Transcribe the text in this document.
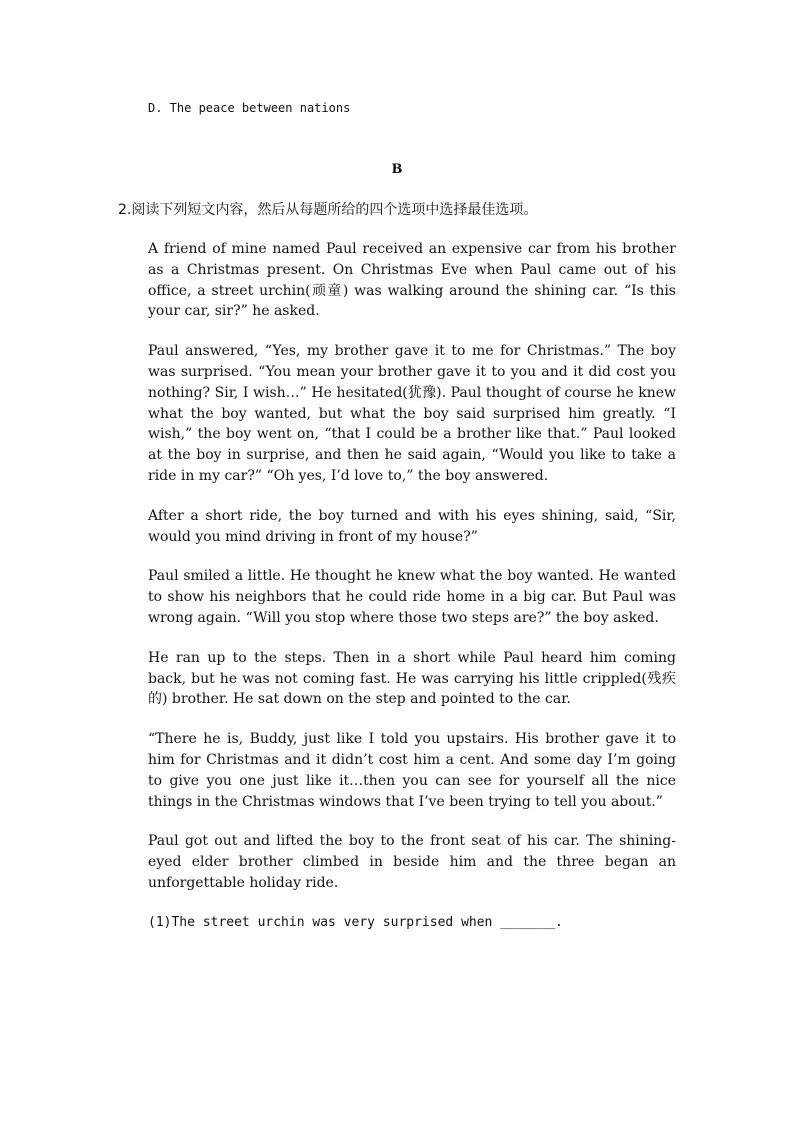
D. The peace between nations
B
2.阅读下列短文内容，然后从每题所给的四个选项中选择最佳选项。

A friend of mine named Paul received an expensive car from his brother as a Christmas present. On Christmas Eve when Paul came out of his office, a street urchin(顽童) was walking around the shining car. “Is this your car, sir?” he asked.

Paul answered, “Yes, my brother gave it to me for Christmas.” The boy was surprised. “You mean your brother gave it to you and it did cost you nothing? Sir, I wish…” He hesitated(犹豫). Paul thought of course he knew what the boy wanted, but what the boy said surprised him greatly. “I wish,” the boy went on, “that I could be a brother like that.” Paul looked at the boy in surprise, and then he said again, “Would you like to take a ride in my car?” “Oh yes, I’d love to,” the boy answered.

After a short ride, the boy turned and with his eyes shining, said, “Sir, would you mind driving in front of my house?”

Paul smiled a little. He thought he knew what the boy wanted. He wanted to show his neighbors that he could ride home in a big car. But Paul was wrong again. “Will you stop where those two steps are?” the boy asked.

He ran up to the steps. Then in a short while Paul heard him coming back, but he was not coming fast. He was carrying his little crippled(残疾的) brother. He sat down on the step and pointed to the car.

“There he is, Buddy, just like I told you upstairs. His brother gave it to him for Christmas and it didn’t cost him a cent. And some day I’m going to give you one just like it…then you can see for yourself all the nice things in the Christmas windows that I’ve been trying to tell you about.”

Paul got out and lifted the boy to the front seat of his car. The shining-eyed elder brother climbed in beside him and the three began an unforgettable holiday ride.

(1)The street urchin was very surprised when _______.
